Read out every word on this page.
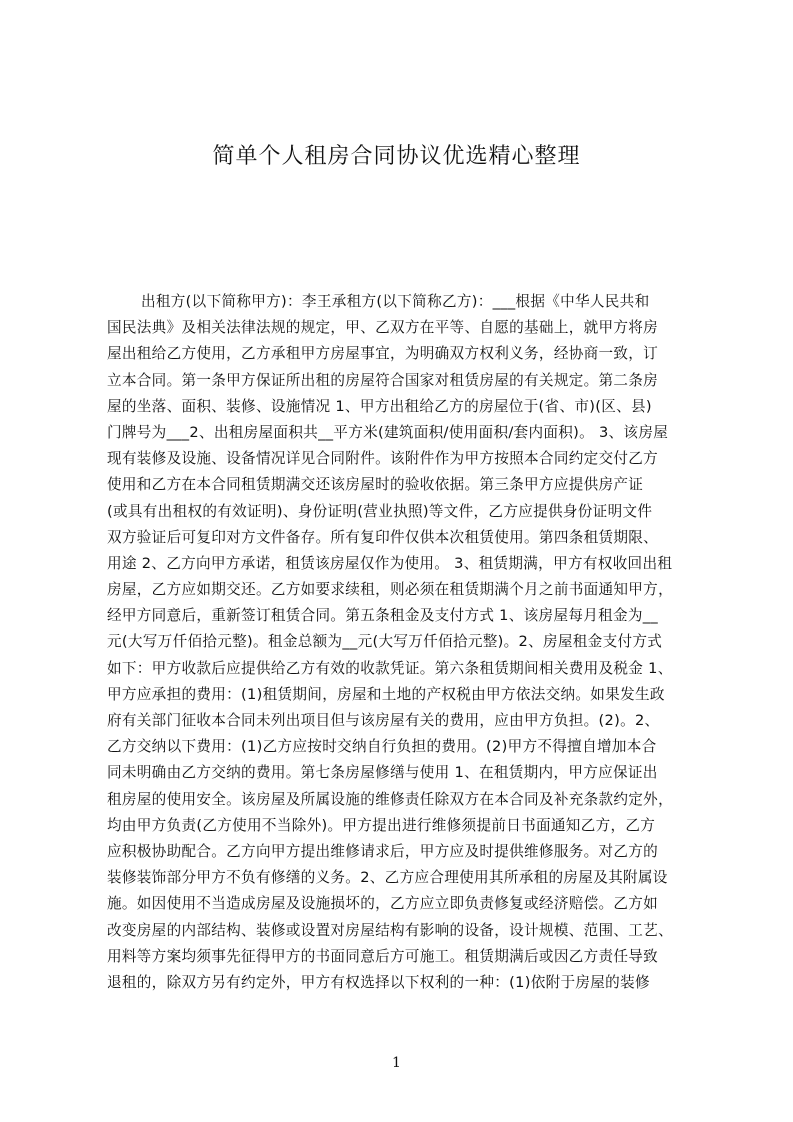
简单个人租房合同协议优选精心整理
出租方(以下简称甲方)：李王承租方(以下简称乙方)：___根据《中华人民共和
国民法典》及相关法律法规的规定，甲、乙双方在平等、自愿的基础上，就甲方将房
屋出租给乙方使用，乙方承租甲方房屋事宜，为明确双方权利义务，经协商一致，订
立本合同。第一条甲方保证所出租的房屋符合国家对租赁房屋的有关规定。第二条房
屋的坐落、面积、装修、设施情况 1、甲方出租给乙方的房屋位于(省、市)(区、县)
门牌号为___2、出租房屋面积共__平方米(建筑面积/使用面积/套内面积)。 3、该房屋
现有装修及设施、设备情况详见合同附件。该附件作为甲方按照本合同约定交付乙方
使用和乙方在本合同租赁期满交还该房屋时的验收依据。第三条甲方应提供房产证
(或具有出租权的有效证明)、身份证明(营业执照)等文件，乙方应提供身份证明文件
双方验证后可复印对方文件备存。所有复印件仅供本次租赁使用。第四条租赁期限、
用途 2、乙方向甲方承诺，租赁该房屋仅作为使用。 3、租赁期满，甲方有权收回出租
房屋，乙方应如期交还。乙方如要求续租，则必须在租赁期满个月之前书面通知甲方，
经甲方同意后，重新签订租赁合同。第五条租金及支付方式 1、该房屋每月租金为__
元(大写万仟佰拾元整)。租金总额为__元(大写万仟佰拾元整)。2、房屋租金支付方式
如下：甲方收款后应提供给乙方有效的收款凭证。第六条租赁期间相关费用及税金 1、
甲方应承担的费用：(1)租赁期间，房屋和土地的产权税由甲方依法交纳。如果发生政
府有关部门征收本合同未列出项目但与该房屋有关的费用，应由甲方负担。(2)。2、
乙方交纳以下费用：(1)乙方应按时交纳自行负担的费用。(2)甲方不得擅自增加本合
同未明确由乙方交纳的费用。第七条房屋修缮与使用 1、在租赁期内，甲方应保证出
租房屋的使用安全。该房屋及所属设施的维修责任除双方在本合同及补充条款约定外，
均由甲方负责(乙方使用不当除外)。甲方提出进行维修须提前日书面通知乙方，乙方
应积极协助配合。乙方向甲方提出维修请求后，甲方应及时提供维修服务。对乙方的
装修装饰部分甲方不负有修缮的义务。2、乙方应合理使用其所承租的房屋及其附属设
施。如因使用不当造成房屋及设施损坏的，乙方应立即负责修复或经济赔偿。乙方如
改变房屋的内部结构、装修或设置对房屋结构有影响的设备，设计规模、范围、工艺、
用料等方案均须事先征得甲方的书面同意后方可施工。租赁期满后或因乙方责任导致
退租的，除双方另有约定外，甲方有权选择以下权利的一种：(1)依附于房屋的装修
1
